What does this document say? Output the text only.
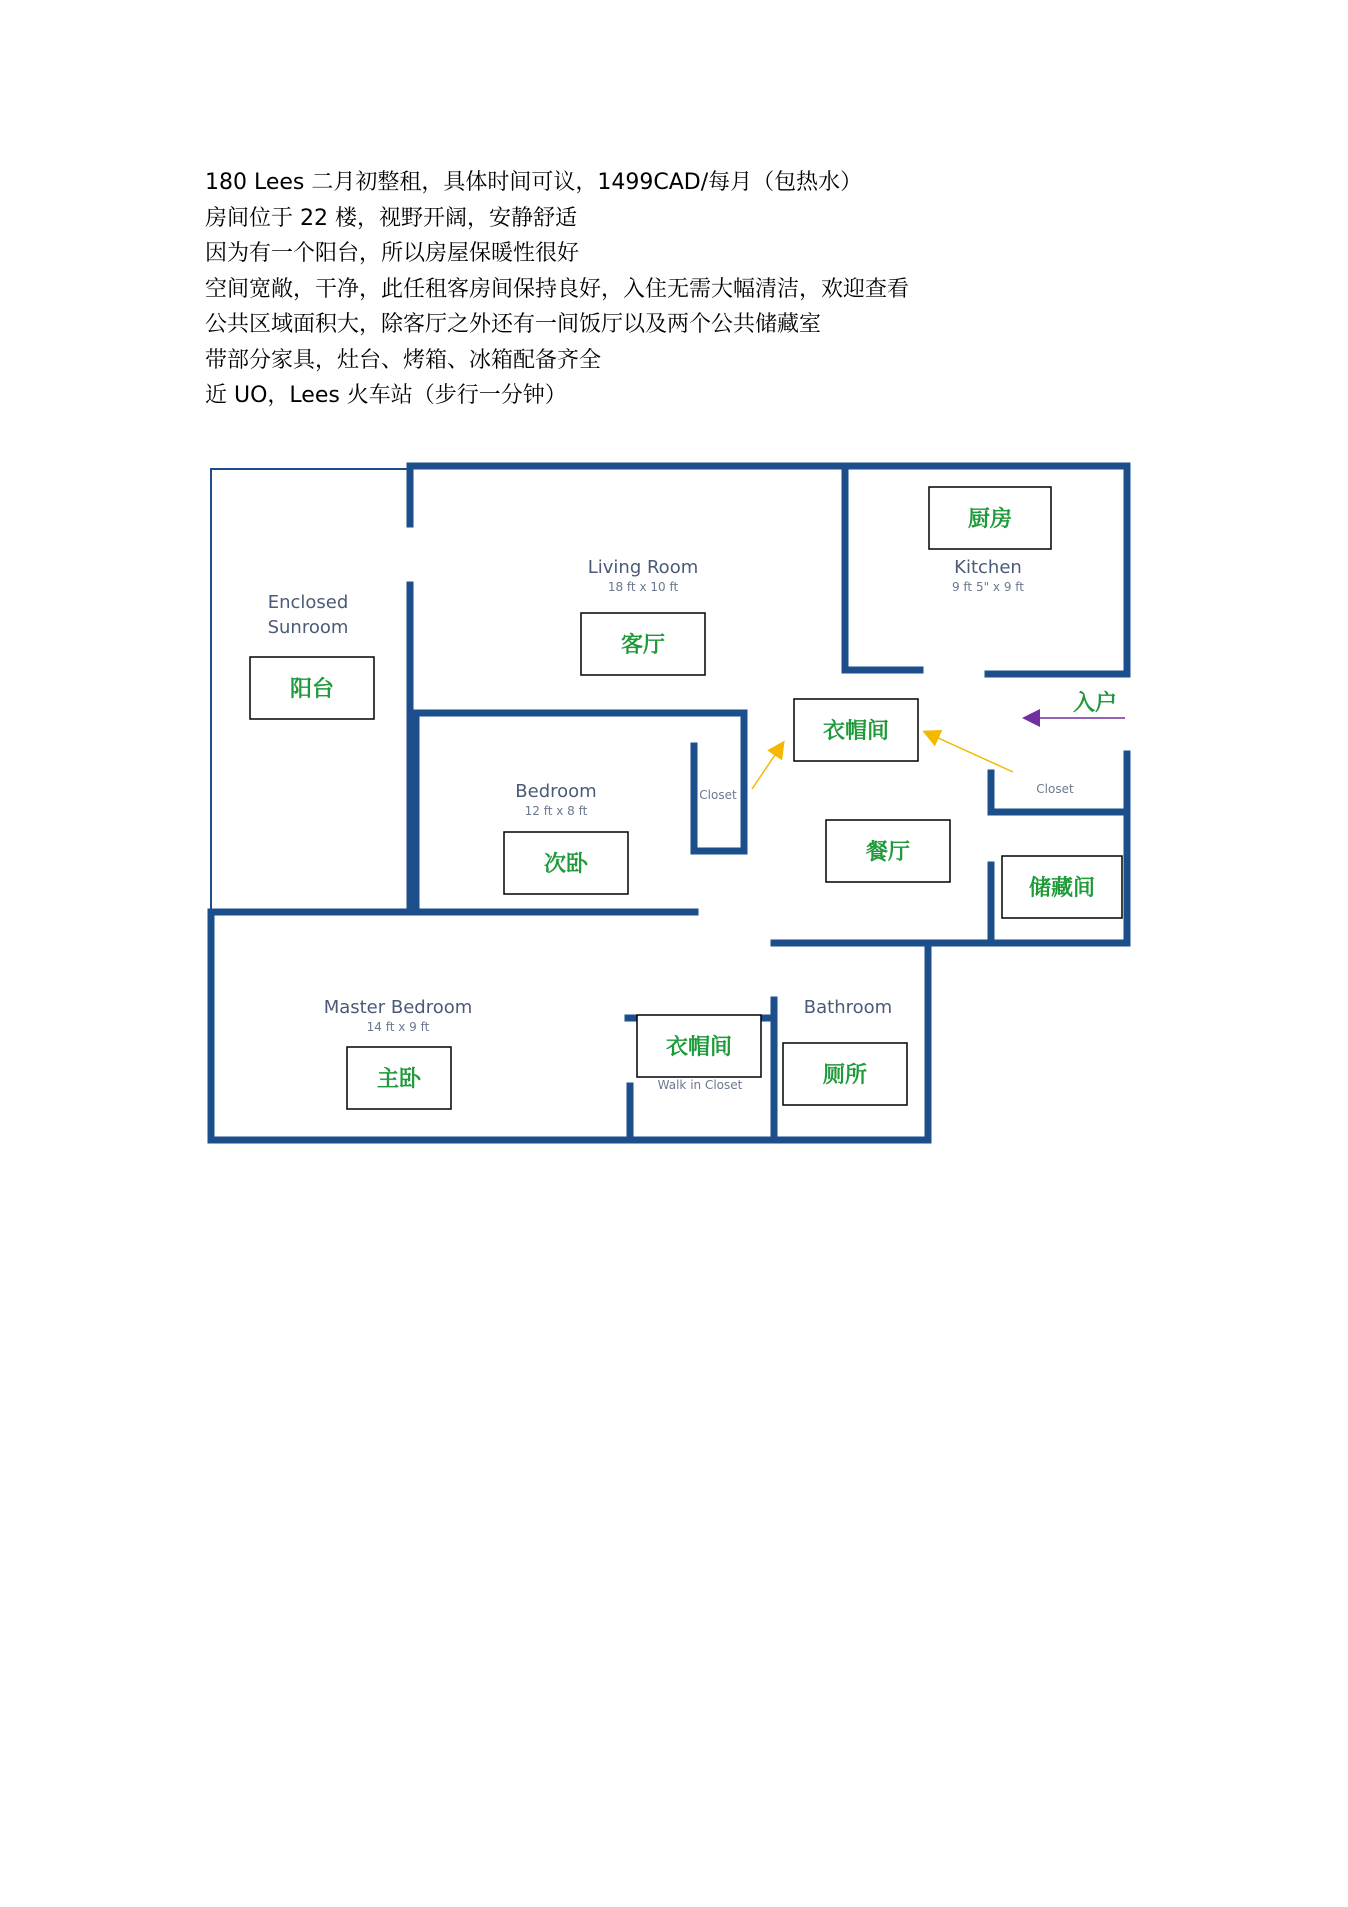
180 Lees 二月初整租，具体时间可议，1499CAD/每月（包热水）
房间位于 22 楼，视野开阔，安静舒适
因为有一个阳台，所以房屋保暖性很好
空间宽敞，干净，此任租客房间保持良好，入住无需大幅清洁，欢迎查看
公共区域面积大，除客厅之外还有一间饭厅以及两个公共储藏室
带部分家具，灶台、烤箱、冰箱配备齐全
近 UO，Lees 火车站（步行一分钟）
Enclosed
Sunroom
Living Room
18 ft x 10 ft
Kitchen
9 ft 5" x 9 ft
Bedroom
12 ft x 8 ft
Closet	Closet
Master Bedroom
14 ft x 9 ft
Walk in Closet
Bathroom
厨房
客厅
阳台
衣帽间
次卧	餐厅
储藏间
衣帽间
主卧	厕所
入户
